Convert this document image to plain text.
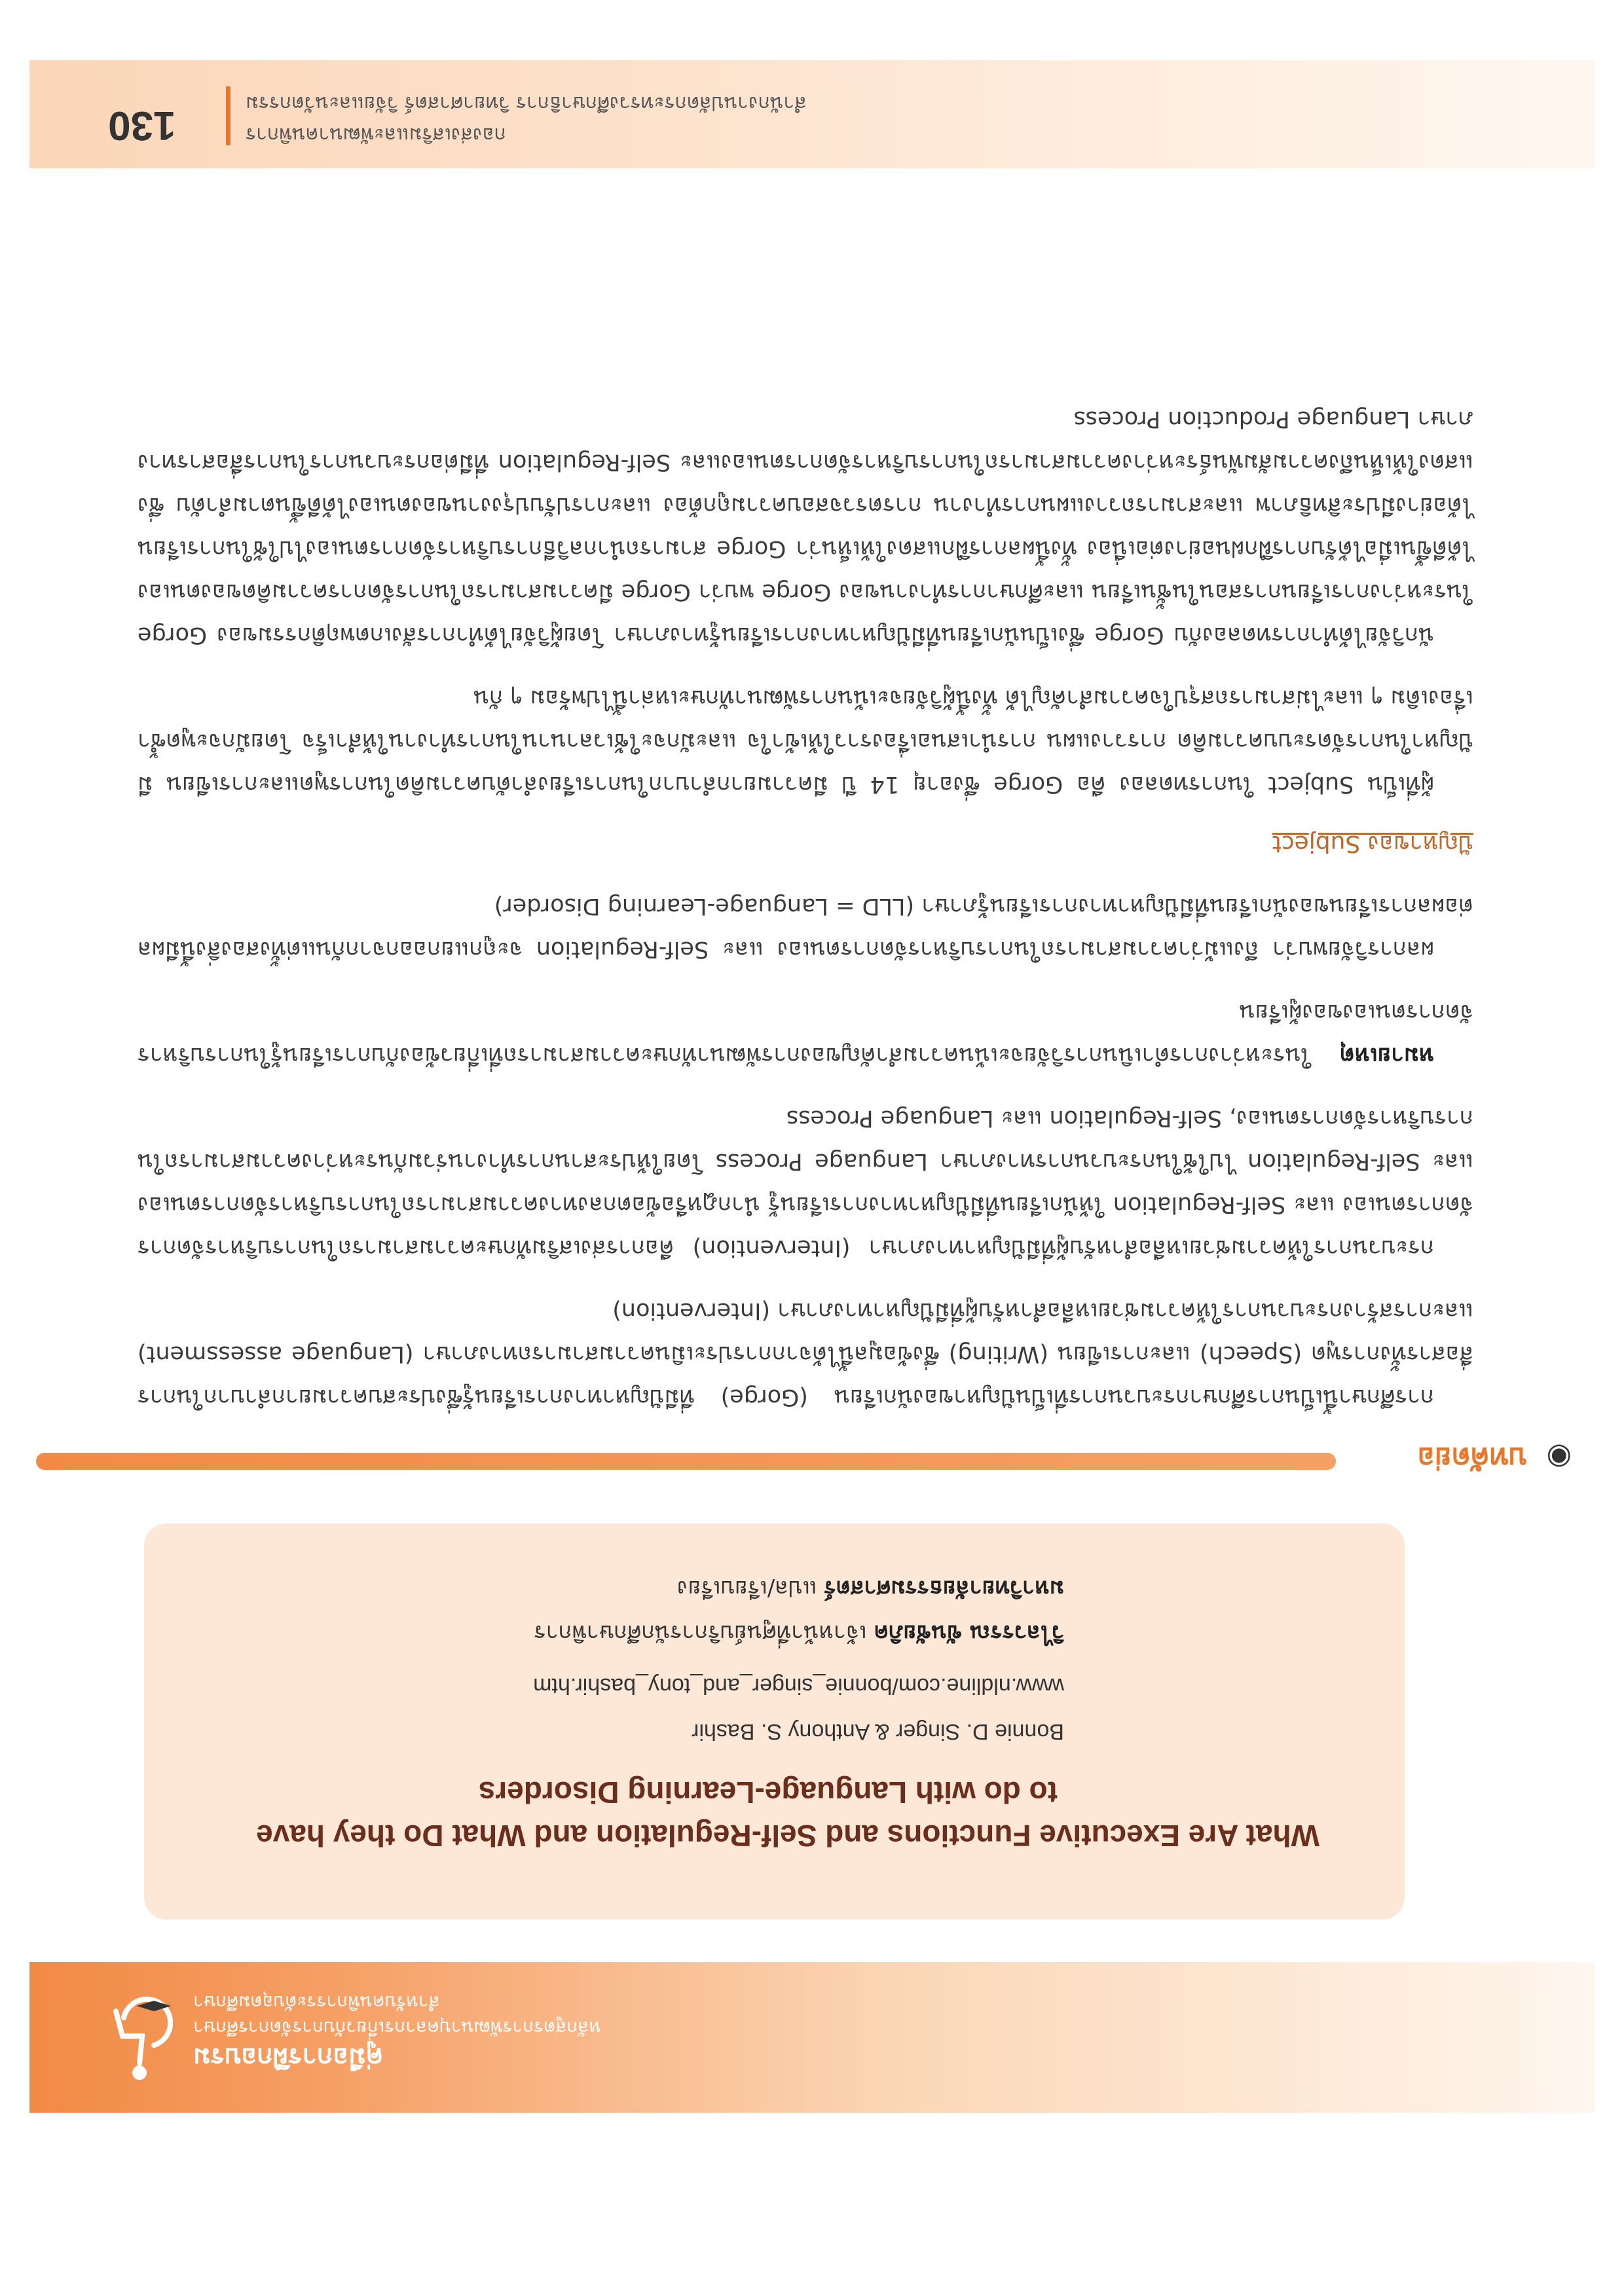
คู่มือการฝึกอบรม
หลักสูตรการพัฒนาบุคลากรเกี่ยวกับการจัดการศึกษา
สำหรับคนพิการระดับอุดมศึกษา
What Are Executive Functions and Self-Regulation and What Do they have
to do with Language-Learning Disorders
Bonnie D. Singer & Anthony S. Bashir
www.nldline.com/bonnie_singer_and_tony_bashir.htm
วิไลวรรณ ขันชัยภิค เจ้าหน้าที่ศูนย์บริการนักศึกษาพิการ
มหาวิทยาลัยธรรมศาสตร์ แปล/เรียบเรียง
◉บทคัดย่อ

การศึกษานี้เป็นการศึกษากระบวนการที่เป็นปัญหาของนักเรียน (Gorge) ที่มีปัญหาทางการเรียนรู้ซึ่งประสบความยากลำบากในการสื่อสารทั้งการพูด (Speech) และการเขียน (Writing) ซึ่งข้อมูลนี้ได้จากการประเมินความสามารถทางภาษา (Language assessment) และการสร้างกระบวนการให้ความช่วยเหลือสำหรับผู้ที่มีปัญหาทางภาษา (Intervention)

กระบวนการให้ความช่วยเหลือสำหรับผู้ที่มีปัญหาทางภาษา (Intervention) คือการส่งเสริมทักษะความสามารถในการบริหารจัดการจัดการตนเอง และ Self-Regulation ให้นักเรียนที่มีปัญหาทางการเรียนรู้ นำกฎหรือข้อตกลงทางความสามารถในการบริหารจัดการตนเอง และ Self-Regulation ไปใช้ในกระบวนการทางภาษา Language Process โดยให้ประสานการทำงานร่วมกันระหว่างความสามารถในการบริหารจัดการตนเอง, Self-Regulation และ Language Process

หมายเหตุ ในระหว่างการดำเนินการวิจัยจะเน้นความสำคัญของการพัฒนาทักษะความสามารถที่เกี่ยวข้องกับการเรียนรู้ในการบริหารจัดการตนเองของผู้เรียน

ผลการวิจัยพบว่า ถึงแม้ว่าความสามารถในการบริหารจัดการตนเอง และ Self-Regulation จะถูกแยกออกจากกันแต่ทั้งสองสิ่งนี้มีผลต่อผลการเรียนของนักเรียนที่มีปัญหาทางการเรียนรู้ภาษา (LLD = Language-Learning Disorder)

ปัญหาของ Subject

ผู้ที่เป็น Subject ในการทดลอง คือ Gorge ซึ่งอายุ 14 ปี มีความยากลำบากในการเรียงลำดับความคิดในการพูดและการเขียน มีปัญหาในการจัดระบบความคิด การวางแผน การนำเสนอเรื่องราวให้เข้าใจ และมักจะใช้เวลานานในการทำงานให้สำเร็จ โดยมักจะพูดซ้ำเรื่องเดิม ๆ และไม่สามารถสรุปใจความสำคัญได้ ทั้งนี้ผู้วิจัยจะเน้นการพัฒนาทักษะเหล่านี้ไปพร้อม ๆ กัน

นักวิจัยได้ทำการทดลองกับ Gorge ซึ่งเป็นนักเรียนที่มีปัญหาทางการเรียนรู้ทางภาษา โดยผู้วิจัยได้ทำการสังเกตพฤติกรรมของ Gorge ในระหว่างการเรียนการสอนในชั้นเรียน และศึกษาการทำงานของ Gorge พบว่า Gorge มีความสามารถในการจัดการความคิดของตนเองได้ดีขึ้นเมื่อได้รับการฝึกฝนอย่างต่อเนื่อง ทั้งนี้ผลการฝึกแสดงให้เห็นว่า Gorge สามารถนำกลวิธีการบริหารจัดการตนเองไปใช้ในการเรียนได้อย่างมีประสิทธิภาพ และสามารถวางแผนการทำงาน การตรวจสอบความถูกต้อง และการปรับปรุงงานของตนเองได้ดีขึ้นตามลำดับ ซึ่งแสดงให้เห็นถึงความสัมพันธ์ระหว่างความสามารถในการบริหารจัดการตนเองและ Self-Regulation ที่มีต่อกระบวนการในการสื่อสารทางภาษา Language Production Process

กองส่งเสริมและพัฒนาคนพิการ
สำนักงานปลัดกระทรวงศึกษาธิการ วิทยาศาสตร์ วิจัยและนวัตกรรม
130
